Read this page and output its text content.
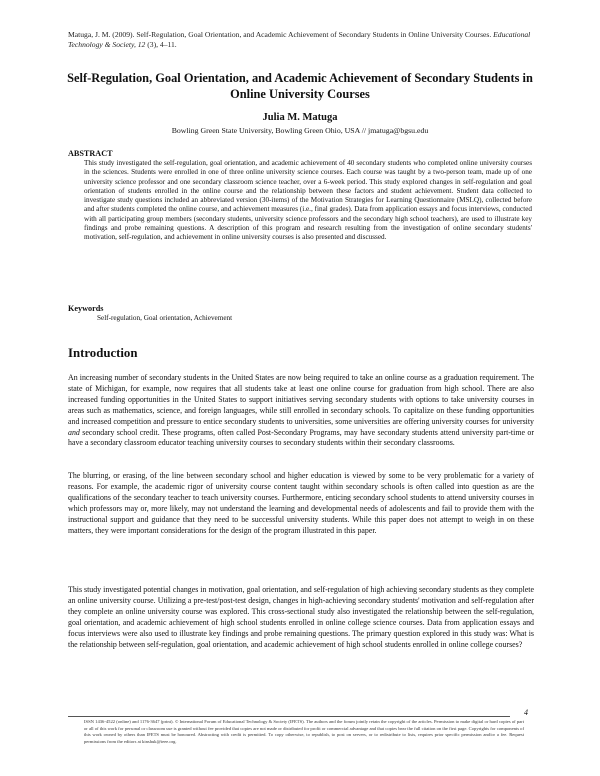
Matuga, J. M. (2009). Self-Regulation, Goal Orientation, and Academic Achievement of Secondary Students in Online University Courses. Educational Technology & Society, 12 (3), 4–11.
Self-Regulation, Goal Orientation, and Academic Achievement of Secondary Students in Online University Courses
Julia M. Matuga
Bowling Green State University, Bowling Green Ohio, USA // jmatuga@bgsu.edu
ABSTRACT
This study investigated the self-regulation, goal orientation, and academic achievement of 40 secondary students who completed online university courses in the sciences. Students were enrolled in one of three online university science courses. Each course was taught by a two-person team, made up of one university science professor and one secondary classroom science teacher, over a 6-week period. This study explored changes in self-regulation and goal orientation of students enrolled in the online course and the relationship between these factors and student achievement. Student data collected to investigate study questions included an abbreviated version (30-items) of the Motivation Strategies for Learning Questionnaire (MSLQ), collected before and after students completed the online course, and achievement measures (i.e., final grades). Data from application essays and focus interviews, conducted with all participating group members (secondary students, university science professors and the secondary high school teachers), are used to illustrate key findings and probe remaining questions. A description of this program and research resulting from the investigation of online secondary students' motivation, self-regulation, and achievement in online university courses is also presented and discussed.
Keywords
Self-regulation, Goal orientation, Achievement
Introduction
An increasing number of secondary students in the United States are now being required to take an online course as a graduation requirement. The state of Michigan, for example, now requires that all students take at least one online course for graduation from high school. There are also increased funding opportunities in the United States to support initiatives serving secondary students with options to take university courses in areas such as mathematics, science, and foreign languages, while still enrolled in secondary schools. To capitalize on these funding opportunities and increased competition and pressure to entice secondary students to universities, some universities are offering university courses for university and secondary school credit. These programs, often called Post-Secondary Programs, may have secondary students attend university part-time or have a secondary classroom educator teaching university courses to secondary students within their secondary classrooms.
The blurring, or erasing, of the line between secondary school and higher education is viewed by some to be very problematic for a variety of reasons. For example, the academic rigor of university course content taught within secondary schools is often called into question as are the qualifications of the secondary teacher to teach university courses. Furthermore, enticing secondary school students to attend university courses in which professors may or, more likely, may not understand the learning and developmental needs of adolescents and fail to provide them with the instructional support and guidance that they need to be successful university students. While this paper does not attempt to weigh in on these matters, they were important considerations for the design of the program illustrated in this paper.
This study investigated potential changes in motivation, goal orientation, and self-regulation of high achieving secondary students as they complete an online university course. Utilizing a pre-test/post-test design, changes in high-achieving secondary students' motivation and self-regulation after they complete an online university course was explored. This cross-sectional study also investigated the relationship between the self-regulation, goal orientation, and academic achievement of high school students enrolled in online college science courses. Data from application essays and focus interviews were also used to illustrate key findings and probe remaining questions. The primary question explored in this study was: What is the relationship between self-regulation, goal orientation, and academic achievement of high school students enrolled in online college courses?
4
ISSN 1436-4522 (online) and 1176-3647 (print). © International Forum of Educational Technology & Society (IFETS). The authors and the forum jointly retain the copyright of the articles. Permission to make digital or hard copies of part or all of this work for personal or classroom use is granted without fee provided that copies are not made or distributed for profit or commercial advantage and that copies bear the full citation on the first page. Copyrights for components of this work owned by others than IFETS must be honoured. Abstracting with credit is permitted. To copy otherwise, to republish, to post on servers, or to redistribute to lists, requires prior specific permission and/or a fee. Request permissions from the editors at kinshuk@ieee.org.
